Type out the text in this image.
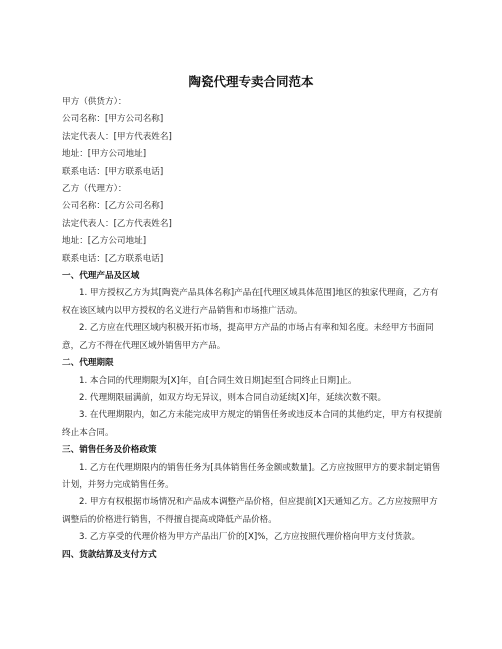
陶瓷代理专卖合同范本
甲方（供货方）：
公司名称：[甲方公司名称]
法定代表人：[甲方代表姓名]
地址：[甲方公司地址]
联系电话：[甲方联系电话]
乙方（代理方）：
公司名称：[乙方公司名称]
法定代表人：[乙方代表姓名]
地址：[乙方公司地址]
联系电话：[乙方联系电话]
一、代理产品及区域
1. 甲方授权乙方为其[陶瓷产品具体名称]产品在[代理区域具体范围]地区的独家代理商，乙方有权在该区域内以甲方授权的名义进行产品销售和市场推广活动。
2. 乙方应在代理区域内积极开拓市场，提高甲方产品的市场占有率和知名度。未经甲方书面同意，乙方不得在代理区域外销售甲方产品。
二、代理期限
1. 本合同的代理期限为[X]年，自[合同生效日期]起至[合同终止日期]止。
2. 代理期限届满前，如双方均无异议，则本合同自动延续[X]年，延续次数不限。
3. 在代理期限内，如乙方未能完成甲方规定的销售任务或违反本合同的其他约定，甲方有权提前终止本合同。
三、销售任务及价格政策
1. 乙方在代理期限内的销售任务为[具体销售任务金额或数量]。乙方应按照甲方的要求制定销售计划，并努力完成销售任务。
2. 甲方有权根据市场情况和产品成本调整产品价格，但应提前[X]天通知乙方。乙方应按照甲方调整后的价格进行销售，不得擅自提高或降低产品价格。
3. 乙方享受的代理价格为甲方产品出厂价的[X]%，乙方应按照代理价格向甲方支付货款。
四、货款结算及支付方式
